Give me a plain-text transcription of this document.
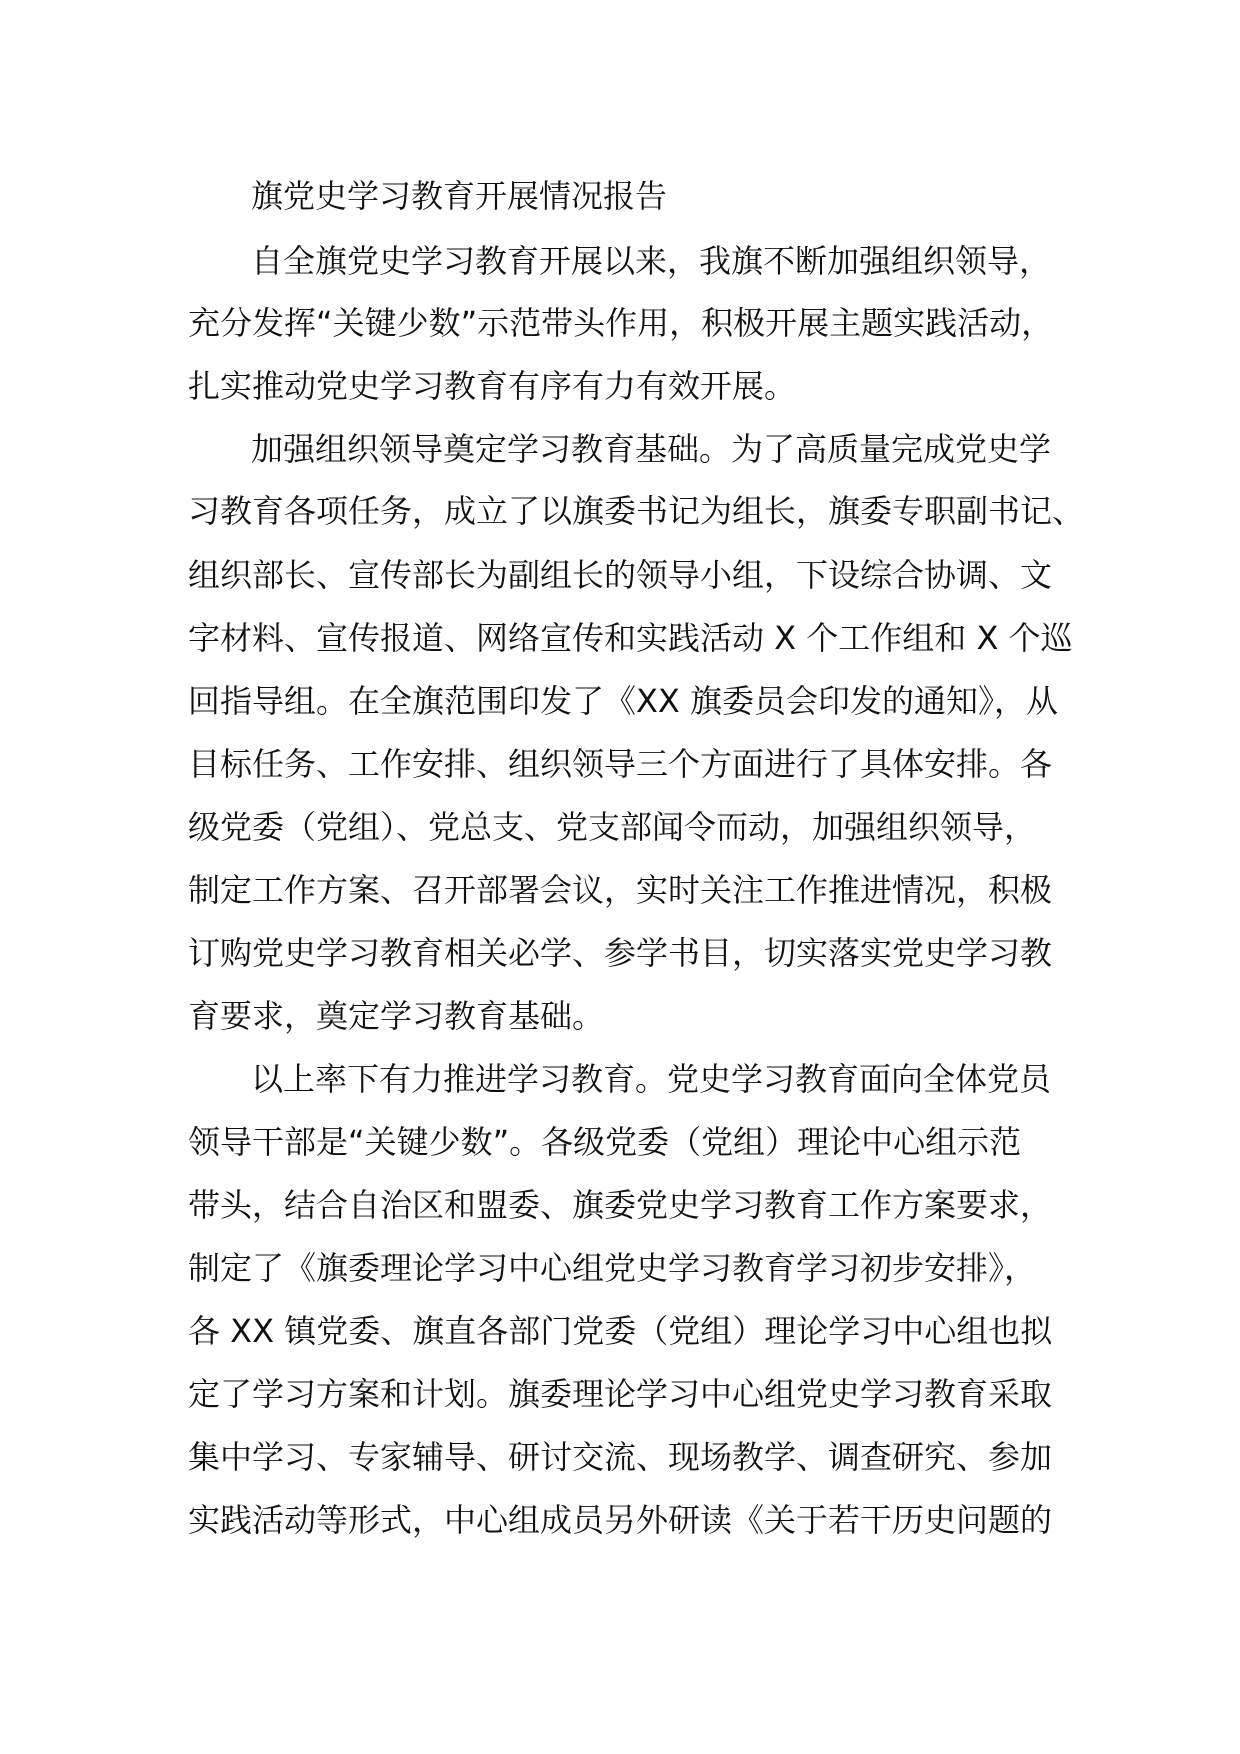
旗党史学习教育开展情况报告
自全旗党史学习教育开展以来，我旗不断加强组织领导，
充分发挥“关键少数”示范带头作用，积极开展主题实践活动，
扎实推动党史学习教育有序有力有效开展。
加强组织领导奠定学习教育基础。为了高质量完成党史学
习教育各项任务，成立了以旗委书记为组长，旗委专职副书记、
组织部长、宣传部长为副组长的领导小组，下设综合协调、文
字材料、宣传报道、网络宣传和实践活动 X 个工作组和 X 个巡
回指导组。在全旗范围印发了《XX 旗委员会印发的通知》，从
目标任务、工作安排、组织领导三个方面进行了具体安排。各
级党委（党组）、党总支、党支部闻令而动，加强组织领导，
制定工作方案、召开部署会议，实时关注工作推进情况，积极
订购党史学习教育相关必学、参学书目，切实落实党史学习教
育要求，奠定学习教育基础。
以上率下有力推进学习教育。党史学习教育面向全体党员
领导干部是“关键少数”。各级党委（党组）理论中心组示范
带头，结合自治区和盟委、旗委党史学习教育工作方案要求，
制定了《旗委理论学习中心组党史学习教育学习初步安排》，
各 XX 镇党委、旗直各部门党委（党组）理论学习中心组也拟
定了学习方案和计划。旗委理论学习中心组党史学习教育采取
集中学习、专家辅导、研讨交流、现场教学、调查研究、参加
实践活动等形式，中心组成员另外研读《关于若干历史问题的
